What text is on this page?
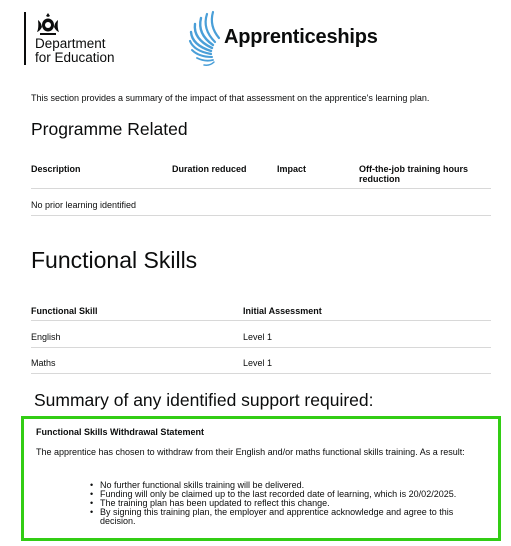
Department
for Education
Apprenticeships
This section provides a summary of the impact of that assessment on the apprentice's learning plan.
Programme Related
Description	Duration reduced	Impact	Off-the-job training hours reduction
No prior learning identified
Functional Skills
Functional Skill	Initial Assessment
English	Level 1
Maths	Level 1
Summary of any identified support required:
Functional Skills Withdrawal Statement
The apprentice has chosen to withdraw from their English and/or maths functional skills training. As a result:
• No further functional skills training will be delivered.
• Funding will only be claimed up to the last recorded date of learning, which is 20/02/2025.
• The training plan has been updated to reflect this change.
• By signing this training plan, the employer and apprentice acknowledge and agree to this decision.
